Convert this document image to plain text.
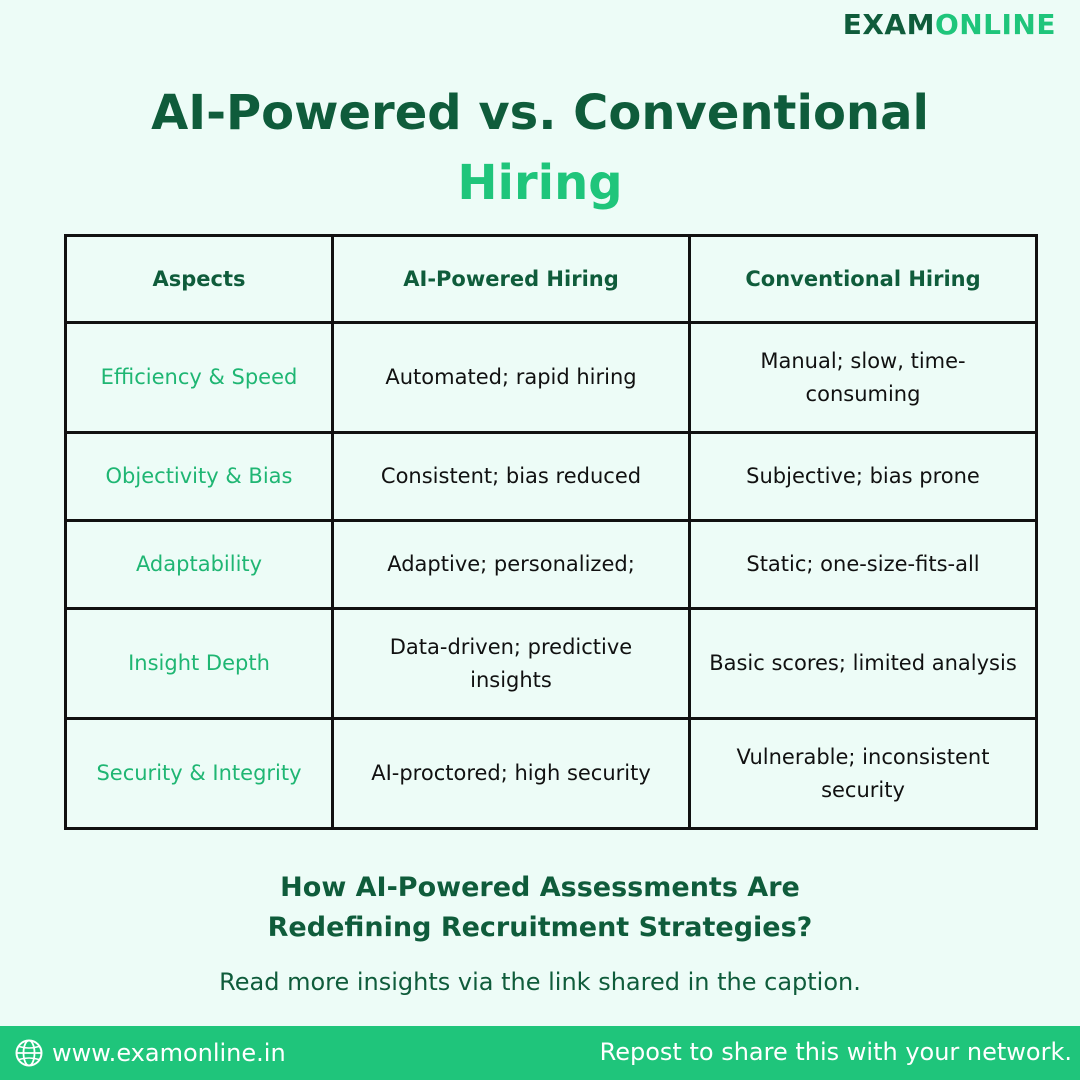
EXAMONLINE
AI-Powered vs. Conventional
Hiring
Aspects	AI-Powered Hiring	Conventional Hiring
Efficiency & Speed	Automated; rapid hiring	Manual; slow, time-consuming
Objectivity & Bias	Consistent; bias reduced	Subjective; bias prone
Adaptability	Adaptive; personalized;	Static; one-size-fits-all
Insight Depth	Data-driven; predictive insights	Basic scores; limited analysis
Security & Integrity	AI-proctored; high security	Vulnerable; inconsistent security
How AI-Powered Assessments Are
Redefining Recruitment Strategies?
Read more insights via the link shared in the caption.
www.examonline.in	Repost to share this with your network.
